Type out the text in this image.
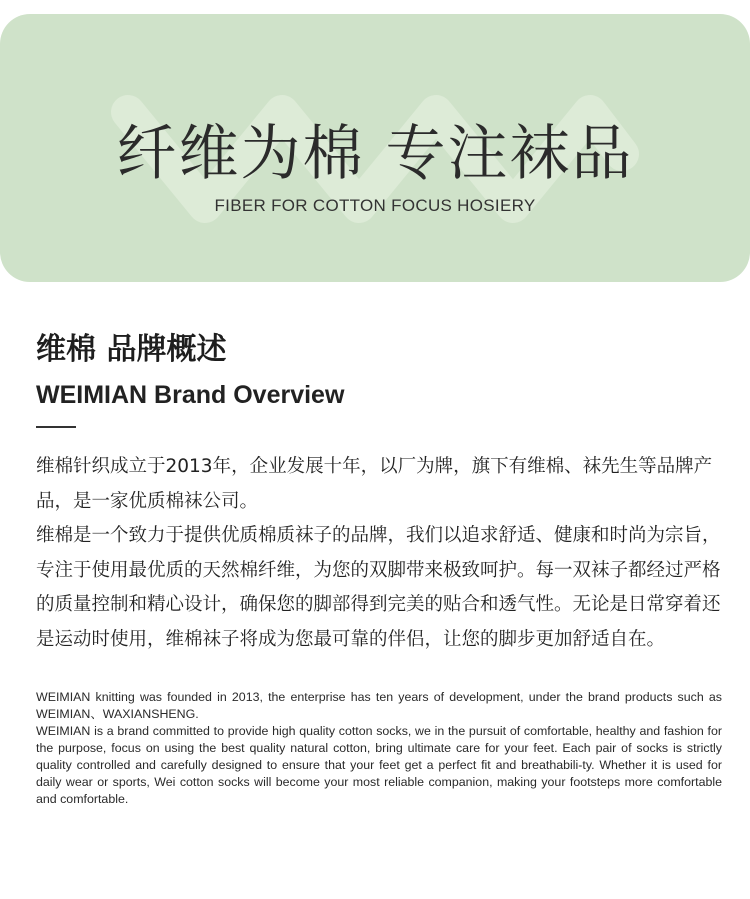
纤维为棉 专注袜品

FIBER FOR COTTON FOCUS HOSIERY

维棉 品牌概述
WEIMIAN Brand Overview

维棉针织成立于2013年，企业发展十年，以厂为牌，旗下有维棉、袜先生等品牌产品，是一家优质棉袜公司。

维棉是一个致力于提供优质棉质袜子的品牌，我们以追求舒适、健康和时尚为宗旨，专注于使用最优质的天然棉纤维，为您的双脚带来极致呵护。每一双袜子都经过严格的质量控制和精心设计，确保您的脚部得到完美的贴合和透气性。无论是日常穿着还是运动时使用，维棉袜子将成为您最可靠的伴侣，让您的脚步更加舒适自在。

WEIMIAN knitting was founded in 2013, the enterprise has ten years of development, under the brand products such as WEIMIAN、WAXIANSHENG.

WEIMIAN is a brand committed to provide high quality cotton socks, we in the pursuit of comfortable, healthy and fashion for the purpose, focus on using the best quality natural cotton, bring ultimate care for your feet. Each pair of socks is strictly quality controlled and carefully designed to ensure that your feet get a perfect fit and breathabili-ty. Whether it is used for daily wear or sports, Wei cotton socks will become your most reliable companion, making your footsteps more comfortable and comfortable.
